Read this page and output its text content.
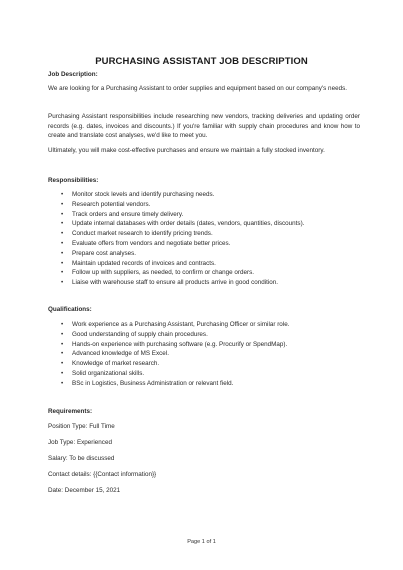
PURCHASING ASSISTANT JOB DESCRIPTION
Job Description:
We are looking for a Purchasing Assistant to order supplies and equipment based on our company's needs.
Purchasing Assistant responsibilities include researching new vendors, tracking deliveries and updating order records (e.g. dates, invoices and discounts.) If you're familiar with supply chain procedures and know how to create and translate cost analyses, we'd like to meet you.
Ultimately, you will make cost-effective purchases and ensure we maintain a fully stocked inventory.
Responsibilities:
• Monitor stock levels and identify purchasing needs.
• Research potential vendors.
• Track orders and ensure timely delivery.
• Update internal databases with order details (dates, vendors, quantities, discounts).
• Conduct market research to identify pricing trends.
• Evaluate offers from vendors and negotiate better prices.
• Prepare cost analyses.
• Maintain updated records of invoices and contracts.
• Follow up with suppliers, as needed, to confirm or change orders.
• Liaise with warehouse staff to ensure all products arrive in good condition.
Qualifications:
• Work experience as a Purchasing Assistant, Purchasing Officer or similar role.
• Good understanding of supply chain procedures.
• Hands-on experience with purchasing software (e.g. Procurify or SpendMap).
• Advanced knowledge of MS Excel.
• Knowledge of market research.
• Solid organizational skills.
• BSc in Logistics, Business Administration or relevant field.
Requirements:
Position Type: Full Time
Job Type: Experienced
Salary: To be discussed
Contact details: {{Contact information}}
Date: December 15, 2021
Page 1 of 1
